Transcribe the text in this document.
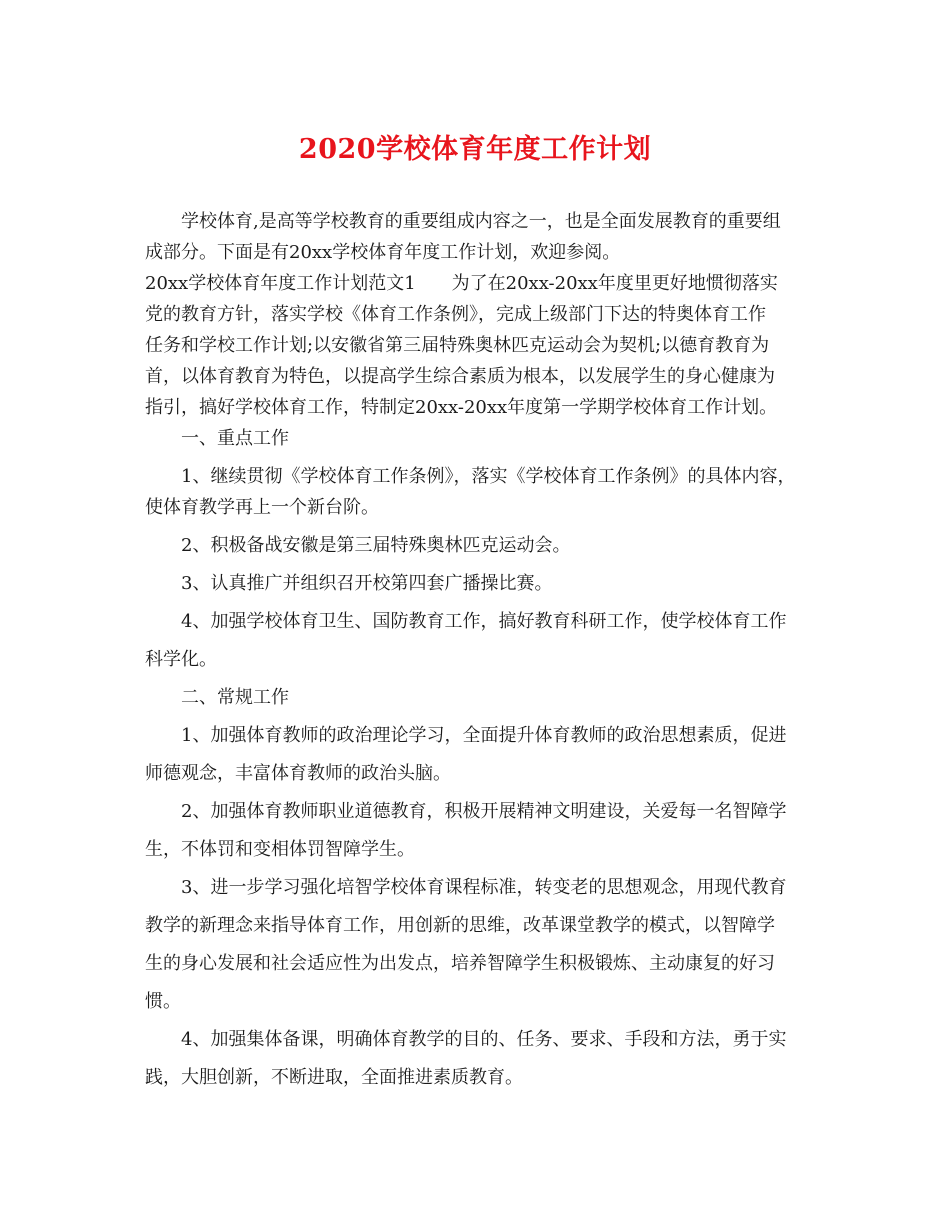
2020学校体育年度工作计划
学校体育,是高等学校教育的重要组成内容之一，也是全面发展教育的重要组
成部分。下面是有20xx学校体育年度工作计划，欢迎参阅。
20xx学校体育年度工作计划范文1　　为了在20xx-20xx年度里更好地惯彻落实
党的教育方针，落实学校《体育工作条例》，完成上级部门下达的特奥体育工作
任务和学校工作计划;以安徽省第三届特殊奥林匹克运动会为契机;以德育教育为
首，以体育教育为特色，以提高学生综合素质为根本，以发展学生的身心健康为
指引，搞好学校体育工作，特制定20xx-20xx年度第一学期学校体育工作计划。
一、重点工作
1、继续贯彻《学校体育工作条例》，落实《学校体育工作条例》的具体内容，
使体育教学再上一个新台阶。
2、积极备战安徽是第三届特殊奥林匹克运动会。
3、认真推广并组织召开校第四套广播操比赛。
4、加强学校体育卫生、国防教育工作，搞好教育科研工作，使学校体育工作
科学化。
二、常规工作
1、加强体育教师的政治理论学习，全面提升体育教师的政治思想素质，促进
师德观念，丰富体育教师的政治头脑。
2、加强体育教师职业道德教育，积极开展精神文明建设，关爱每一名智障学
生，不体罚和变相体罚智障学生。
3、进一步学习强化培智学校体育课程标准，转变老的思想观念，用现代教育
教学的新理念来指导体育工作，用创新的思维，改革课堂教学的模式，以智障学
生的身心发展和社会适应性为出发点，培养智障学生积极锻炼、主动康复的好习
惯。
4、加强集体备课，明确体育教学的目的、任务、要求、手段和方法，勇于实
践，大胆创新，不断进取，全面推进素质教育。
